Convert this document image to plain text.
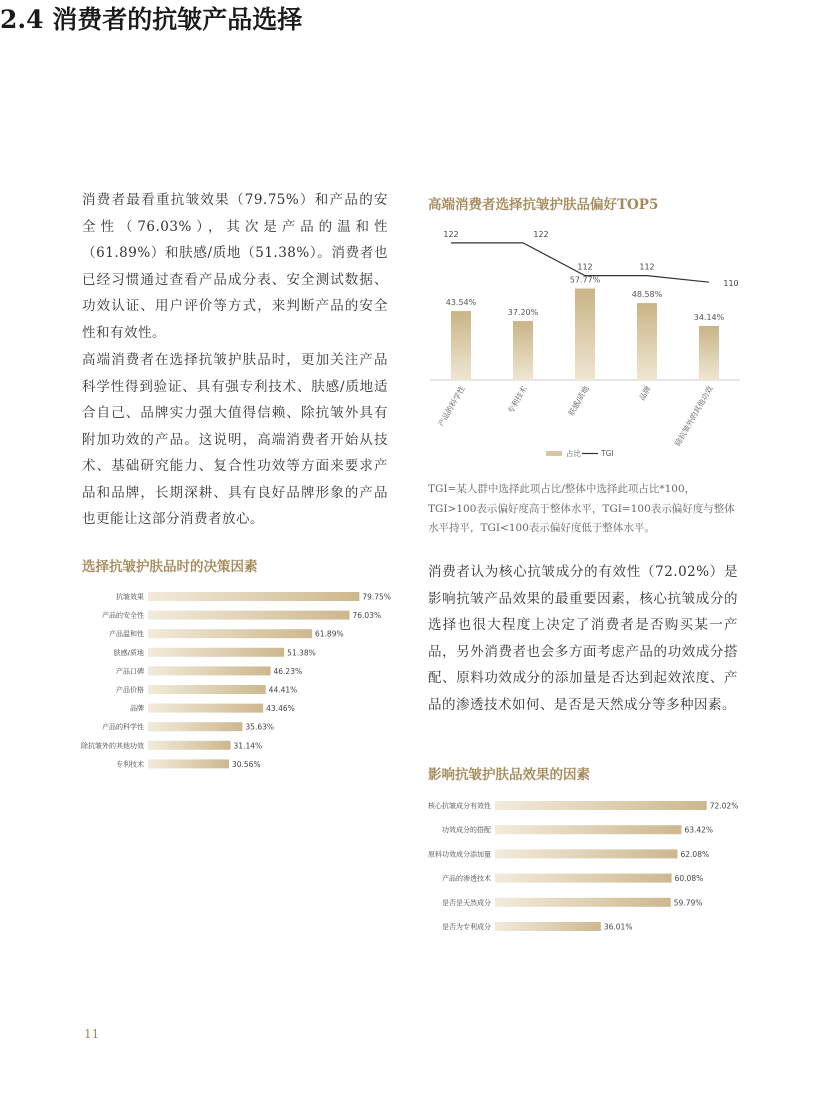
2.4 消费者的抗皱产品选择
消费者最看重抗皱效果（79.75%）和产品的安全性（76.03%），其次是产品的温和性（61.89%）和肤感/质地（51.38%）。消费者也已经习惯通过查看产品成分表、安全测试数据、功效认证、用户评价等方式，来判断产品的安全性和有效性。
高端消费者在选择抗皱护肤品时，更加关注产品科学性得到验证、具有强专利技术、肤感/质地适合自己、品牌实力强大值得信赖、除抗皱外具有附加功效的产品。这说明，高端消费者开始从技术、基础研究能力、复合性功效等方面来要求产品和品牌，长期深耕、具有良好品牌形象的产品也更能让这部分消费者放心。
高端消费者选择抗皱护肤品偏好TOP5
43.54%
产品的科学性
37.20%
专利技术
57.77%
肤感/质地
48.58%
品牌
34.14%
除抗皱外的其他功效
122	122
112	112
110
占比	TGI
TGI=某人群中选择此项占比/整体中选择此项占比*100，TGI>100表示偏好度高于整体水平，TGI=100表示偏好度与整体水平持平，TGI<100表示偏好度低于整体水平。
消费者认为核心抗皱成分的有效性（72.02%）是影响抗皱产品效果的最重要因素，核心抗皱成分的选择也很大程度上决定了消费者是否购买某一产品，另外消费者也会多方面考虑产品的功效成分搭配、原料功效成分的添加量是否达到起效浓度、产品的渗透技术如何、是否是天然成分等多种因素。
选择抗皱护肤品时的决策因素
抗皱效果	79.75%
产品的安全性	76.03%
产品温和性	61.89%
肤感/质地	51.38%
产品口碑	46.23%
产品价格	44.41%
品牌	43.46%
产品的科学性	35.63%
除抗皱外的其他功效	31.14%
专利技术	30.56%
影响抗皱护肤品效果的因素
核心抗皱成分有效性	72.02%
功效成分的搭配	63.42%
原料功效成分添加量	62.08%
产品的渗透技术	60.08%
是否是天然成分	59.79%
是否为专利成分	36.01%
11
